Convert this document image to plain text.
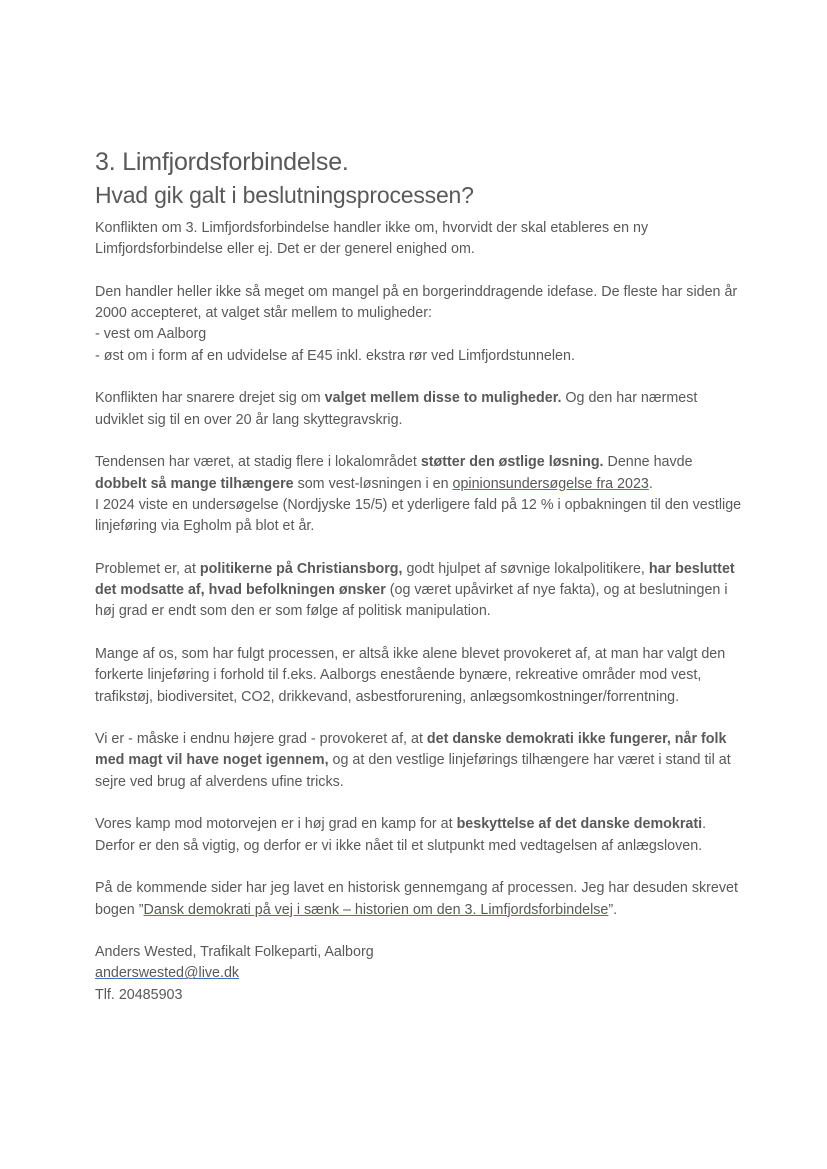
3. Limfjordsforbindelse.
Hvad gik galt i beslutningsprocessen?

Konflikten om 3. Limfjordsforbindelse handler ikke om, hvorvidt der skal etableres en ny Limfjordsforbindelse eller ej. Det er der generel enighed om.

Den handler heller ikke så meget om mangel på en borgerinddragende idefase. De fleste har siden år 2000 accepteret, at valget står mellem to muligheder:
- vest om Aalborg
- øst om i form af en udvidelse af E45 inkl. ekstra rør ved Limfjordstunnelen.

Konflikten har snarere drejet sig om valget mellem disse to muligheder. Og den har nærmest udviklet sig til en over 20 år lang skyttegravskrig.

Tendensen har været, at stadig flere i lokalområdet støtter den østlige løsning. Denne havde dobbelt så mange tilhængere som vest-løsningen i en opinionsundersøgelse fra 2023.
I 2024 viste en undersøgelse (Nordjyske 15/5) et yderligere fald på 12 % i opbakningen til den vestlige linjeføring via Egholm på blot et år.

Problemet er, at politikerne på Christiansborg, godt hjulpet af søvnige lokalpolitikere, har besluttet det modsatte af, hvad befolkningen ønsker (og været upåvirket af nye fakta), og at beslutningen i høj grad er endt som den er som følge af politisk manipulation.

Mange af os, som har fulgt processen, er altså ikke alene blevet provokeret af, at man har valgt den forkerte linjeføring i forhold til f.eks. Aalborgs enestående bynære, rekreative områder mod vest, trafikstøj, biodiversitet, CO2, drikkevand, asbestforurening, anlægsomkostninger/forrentning.

Vi er - måske i endnu højere grad - provokeret af, at det danske demokrati ikke fungerer, når folk med magt vil have noget igennem, og at den vestlige linjeførings tilhængere har været i stand til at sejre ved brug af alverdens ufine tricks.

Vores kamp mod motorvejen er i høj grad en kamp for at beskyttelse af det danske demokrati. Derfor er den så vigtig, og derfor er vi ikke nået til et slutpunkt med vedtagelsen af anlægsloven.

På de kommende sider har jeg lavet en historisk gennemgang af processen. Jeg har desuden skrevet bogen ”Dansk demokrati på vej i sænk – historien om den 3. Limfjordsforbindelse”.

Anders Wested, Trafikalt Folkeparti, Aalborg
anderswested@live.dk
Tlf. 20485903
